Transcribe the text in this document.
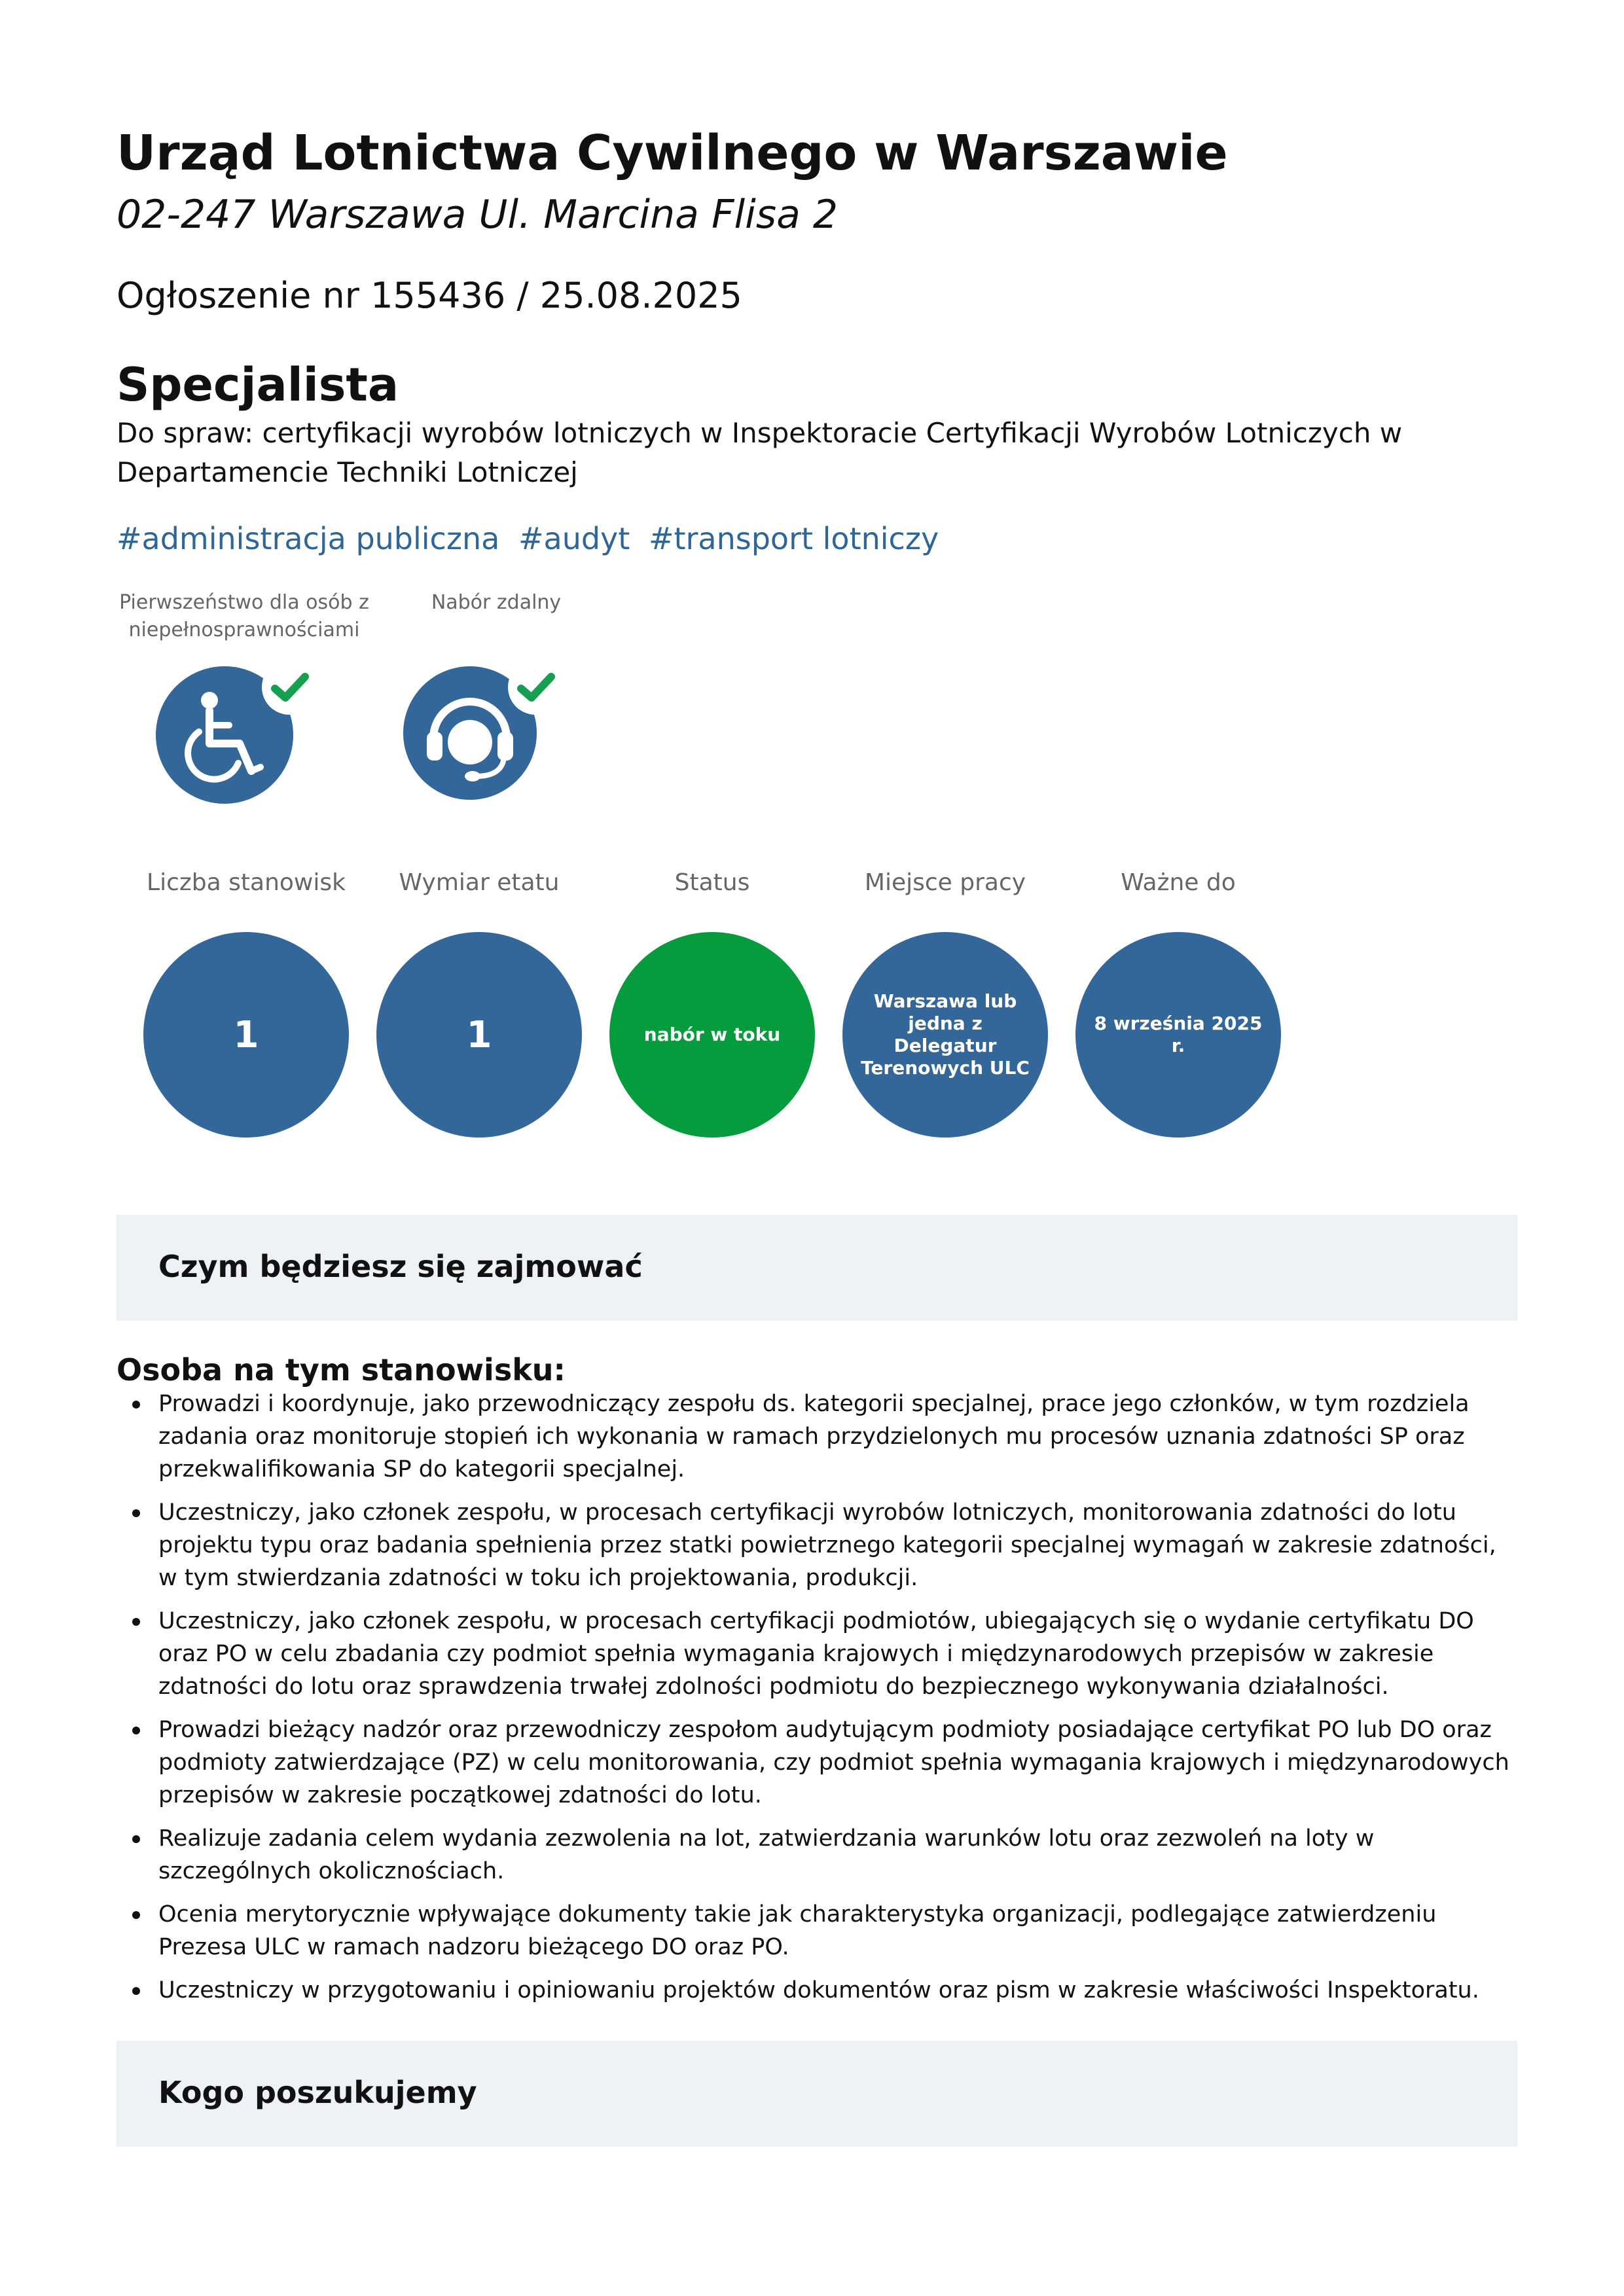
Urząd Lotnictwa Cywilnego w Warszawie
02-247 Warszawa Ul. Marcina Flisa 2
Ogłoszenie nr 155436 / 25.08.2025
Specjalista
Do spraw: certyfikacji wyrobów lotniczych w Inspektoracie Certyfikacji Wyrobów Lotniczych w Departamencie Techniki Lotniczej
#administracja publiczna #audyt #transport lotniczy
Pierwszeństwo dla osób z niepełnosprawnościami
Nabór zdalny
Liczba stanowisk
1
Wymiar etatu
1
Status
nabór w toku
Miejsce pracy
Warszawa lub jedna z Delegatur Terenowych ULC
Ważne do
8 września 2025 r.
Czym będziesz się zajmować
Osoba na tym stanowisku:
Prowadzi i koordynuje, jako przewodniczący zespołu ds. kategorii specjalnej, prace jego członków, w tym rozdziela zadania oraz monitoruje stopień ich wykonania w ramach przydzielonych mu procesów uznania zdatności SP oraz przekwalifikowania SP do kategorii specjalnej.
Uczestniczy, jako członek zespołu, w procesach certyfikacji wyrobów lotniczych, monitorowania zdatności do lotu projektu typu oraz badania spełnienia przez statki powietrznego kategorii specjalnej wymagań w zakresie zdatności, w tym stwierdzania zdatności w toku ich projektowania, produkcji.
Uczestniczy, jako członek zespołu, w procesach certyfikacji podmiotów, ubiegających się o wydanie certyfikatu DO oraz PO w celu zbadania czy podmiot spełnia wymagania krajowych i międzynarodowych przepisów w zakresie zdatności do lotu oraz sprawdzenia trwałej zdolności podmiotu do bezpiecznego wykonywania działalności.
Prowadzi bieżący nadzór oraz przewodniczy zespołom audytującym podmioty posiadające certyfikat PO lub DO oraz podmioty zatwierdzające (PZ) w celu monitorowania, czy podmiot spełnia wymagania krajowych i międzynarodowych przepisów w zakresie początkowej zdatności do lotu.
Realizuje zadania celem wydania zezwolenia na lot, zatwierdzania warunków lotu oraz zezwoleń na loty w szczególnych okolicznościach.
Ocenia merytorycznie wpływające dokumenty takie jak charakterystyka organizacji, podlegające zatwierdzeniu Prezesa ULC w ramach nadzoru bieżącego DO oraz PO.
Uczestniczy w przygotowaniu i opiniowaniu projektów dokumentów oraz pism w zakresie właściwości Inspektoratu.
Kogo poszukujemy
